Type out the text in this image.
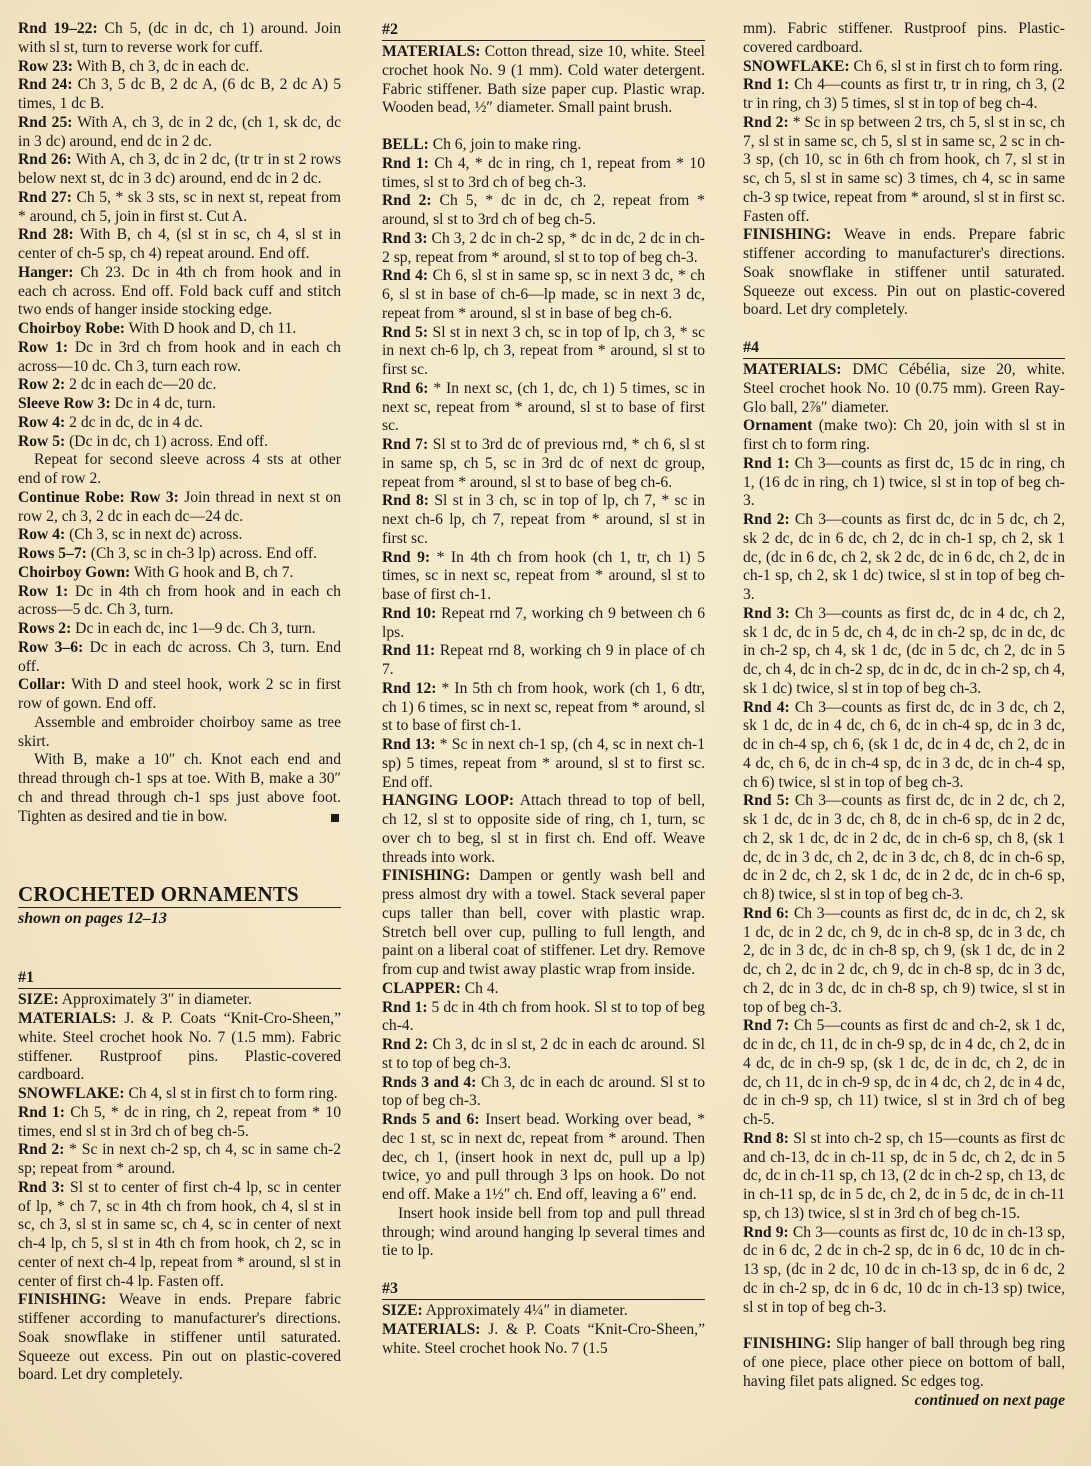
Rnd 19–22: Ch 5, (dc in dc, ch 1) around. Join with sl st, turn to reverse work for cuff.

Row 23: With B, ch 3, dc in each dc.

Rnd 24: Ch 3, 5 dc B, 2 dc A, (6 dc B, 2 dc A) 5 times, 1 dc B.

Rnd 25: With A, ch 3, dc in 2 dc, (ch 1, sk dc, dc in 3 dc) around, end dc in 2 dc.

Rnd 26: With A, ch 3, dc in 2 dc, (tr tr in st 2 rows below next st, dc in 3 dc) around, end dc in 2 dc.

Rnd 27: Ch 5, * sk 3 sts, sc in next st, repeat from * around, ch 5, join in first st. Cut A.

Rnd 28: With B, ch 4, (sl st in sc, ch 4, sl st in center of ch-5 sp, ch 4) repeat around. End off.

Hanger: Ch 23. Dc in 4th ch from hook and in each ch across. End off. Fold back cuff and stitch two ends of hanger inside stocking edge.

Choirboy Robe: With D hook and D, ch 11.

Row 1: Dc in 3rd ch from hook and in each ch across—10 dc. Ch 3, turn each row.

Row 2: 2 dc in each dc—20 dc.

Sleeve Row 3: Dc in 4 dc, turn.

Row 4: 2 dc in dc, dc in 4 dc.

Row 5: (Dc in dc, ch 1) across. End off.

Repeat for second sleeve across 4 sts at other end of row 2.

Continue Robe: Row 3: Join thread in next st on row 2, ch 3, 2 dc in each dc—24 dc.

Row 4: (Ch 3, sc in next dc) across.

Rows 5–7: (Ch 3, sc in ch-3 lp) across. End off.

Choirboy Gown: With G hook and B, ch 7.

Row 1: Dc in 4th ch from hook and in each ch across—5 dc. Ch 3, turn.

Rows 2: Dc in each dc, inc 1—9 dc. Ch 3, turn.

Row 3–6: Dc in each dc across. Ch 3, turn. End off.

Collar: With D and steel hook, work 2 sc in first row of gown. End off.

Assemble and embroider choirboy same as tree skirt.

With B, make a 10″ ch. Knot each end and thread through ch-1 sps at toe. With B, make a 30″ ch and thread through ch-1 sps just above foot. Tighten as desired and tie in bow.

CROCHETED ORNAMENTS

shown on pages 12–13

#1

SIZE: Approximately 3″ in diameter.

MATERIALS: J. & P. Coats “Knit-Cro-Sheen,” white. Steel crochet hook No. 7 (1.5 mm). Fabric stiffener. Rustproof pins. Plastic-covered cardboard.

SNOWFLAKE: Ch 4, sl st in first ch to form ring.

Rnd 1: Ch 5, * dc in ring, ch 2, repeat from * 10 times, end sl st in 3rd ch of beg ch-5.

Rnd 2: * Sc in next ch-2 sp, ch 4, sc in same ch-2 sp; repeat from * around.

Rnd 3: Sl st to center of first ch-4 lp, sc in center of lp, * ch 7, sc in 4th ch from hook, ch 4, sl st in sc, ch 3, sl st in same sc, ch 4, sc in center of next ch-4 lp, ch 5, sl st in 4th ch from hook, ch 2, sc in center of next ch-4 lp, repeat from * around, sl st in center of first ch-4 lp. Fasten off.

FINISHING: Weave in ends. Prepare fabric stiffener according to manufacturer's directions. Soak snowflake in stiffener until saturated. Squeeze out excess. Pin out on plastic-covered board. Let dry completely.

#2

MATERIALS: Cotton thread, size 10, white. Steel crochet hook No. 9 (1 mm). Cold water detergent. Fabric stiffener. Bath size paper cup. Plastic wrap. Wooden bead, ½″ diameter. Small paint brush.

BELL: Ch 6, join to make ring.

Rnd 1: Ch 4, * dc in ring, ch 1, repeat from * 10 times, sl st to 3rd ch of beg ch-3.

Rnd 2: Ch 5, * dc in dc, ch 2, repeat from * around, sl st to 3rd ch of beg ch-5.

Rnd 3: Ch 3, 2 dc in ch-2 sp, * dc in dc, 2 dc in ch-2 sp, repeat from * around, sl st to top of beg ch-3.

Rnd 4: Ch 6, sl st in same sp, sc in next 3 dc, * ch 6, sl st in base of ch-6—lp made, sc in next 3 dc, repeat from * around, sl st in base of beg ch-6.

Rnd 5: Sl st in next 3 ch, sc in top of lp, ch 3, * sc in next ch-6 lp, ch 3, repeat from * around, sl st to first sc.

Rnd 6: * In next sc, (ch 1, dc, ch 1) 5 times, sc in next sc, repeat from * around, sl st to base of first sc.

Rnd 7: Sl st to 3rd dc of previous rnd, * ch 6, sl st in same sp, ch 5, sc in 3rd dc of next dc group, repeat from * around, sl st to base of beg ch-6.

Rnd 8: Sl st in 3 ch, sc in top of lp, ch 7, * sc in next ch-6 lp, ch 7, repeat from * around, sl st in first sc.

Rnd 9: * In 4th ch from hook (ch 1, tr, ch 1) 5 times, sc in next sc, repeat from * around, sl st to base of first ch-1.

Rnd 10: Repeat rnd 7, working ch 9 between ch 6 lps.

Rnd 11: Repeat rnd 8, working ch 9 in place of ch 7.

Rnd 12: * In 5th ch from hook, work (ch 1, 6 dtr, ch 1) 6 times, sc in next sc, repeat from * around, sl st to base of first ch-1.

Rnd 13: * Sc in next ch-1 sp, (ch 4, sc in next ch-1 sp) 5 times, repeat from * around, sl st to first sc. End off.

HANGING LOOP: Attach thread to top of bell, ch 12, sl st to opposite side of ring, ch 1, turn, sc over ch to beg, sl st in first ch. End off. Weave threads into work.

FINISHING: Dampen or gently wash bell and press almost dry with a towel. Stack several paper cups taller than bell, cover with plastic wrap. Stretch bell over cup, pulling to full length, and paint on a liberal coat of stiffener. Let dry. Remove from cup and twist away plastic wrap from inside.

CLAPPER: Ch 4.

Rnd 1: 5 dc in 4th ch from hook. Sl st to top of beg ch-4.

Rnd 2: Ch 3, dc in sl st, 2 dc in each dc around. Sl st to top of beg ch-3.

Rnds 3 and 4: Ch 3, dc in each dc around. Sl st to top of beg ch-3.

Rnds 5 and 6: Insert bead. Working over bead, * dec 1 st, sc in next dc, repeat from * around. Then dec, ch 1, (insert hook in next dc, pull up a lp) twice, yo and pull through 3 lps on hook. Do not end off. Make a 1½″ ch. End off, leaving a 6″ end.

Insert hook inside bell from top and pull thread through; wind around hanging lp several times and tie to lp.

#3

SIZE: Approximately 4¼″ in diameter.

MATERIALS: J. & P. Coats “Knit-Cro-Sheen,” white. Steel crochet hook No. 7 (1.5

mm). Fabric stiffener. Rustproof pins. Plastic-covered cardboard.

SNOWFLAKE: Ch 6, sl st in first ch to form ring.

Rnd 1: Ch 4—counts as first tr, tr in ring, ch 3, (2 tr in ring, ch 3) 5 times, sl st in top of beg ch-4.

Rnd 2: * Sc in sp between 2 trs, ch 5, sl st in sc, ch 7, sl st in same sc, ch 5, sl st in same sc, 2 sc in ch-3 sp, (ch 10, sc in 6th ch from hook, ch 7, sl st in sc, ch 5, sl st in same sc) 3 times, ch 4, sc in same ch-3 sp twice, repeat from * around, sl st in first sc. Fasten off.

FINISHING: Weave in ends. Prepare fabric stiffener according to manufacturer's directions. Soak snowflake in stiffener until saturated. Squeeze out excess. Pin out on plastic-covered board. Let dry completely.

#4

MATERIALS: DMC Cébélia, size 20, white. Steel crochet hook No. 10 (0.75 mm). Green Ray-Glo ball, 2⅞″ diameter.

Ornament (make two): Ch 20, join with sl st in first ch to form ring.

Rnd 1: Ch 3—counts as first dc, 15 dc in ring, ch 1, (16 dc in ring, ch 1) twice, sl st in top of beg ch-3.

Rnd 2: Ch 3—counts as first dc, dc in 5 dc, ch 2, sk 2 dc, dc in 6 dc, ch 2, dc in ch-1 sp, ch 2, sk 1 dc, (dc in 6 dc, ch 2, sk 2 dc, dc in 6 dc, ch 2, dc in ch-1 sp, ch 2, sk 1 dc) twice, sl st in top of beg ch-3.

Rnd 3: Ch 3—counts as first dc, dc in 4 dc, ch 2, sk 1 dc, dc in 5 dc, ch 4, dc in ch-2 sp, dc in dc, dc in ch-2 sp, ch 4, sk 1 dc, (dc in 5 dc, ch 2, dc in 5 dc, ch 4, dc in ch-2 sp, dc in dc, dc in ch-2 sp, ch 4, sk 1 dc) twice, sl st in top of beg ch-3.

Rnd 4: Ch 3—counts as first dc, dc in 3 dc, ch 2, sk 1 dc, dc in 4 dc, ch 6, dc in ch-4 sp, dc in 3 dc, dc in ch-4 sp, ch 6, (sk 1 dc, dc in 4 dc, ch 2, dc in 4 dc, ch 6, dc in ch-4 sp, dc in 3 dc, dc in ch-4 sp, ch 6) twice, sl st in top of beg ch-3.

Rnd 5: Ch 3—counts as first dc, dc in 2 dc, ch 2, sk 1 dc, dc in 3 dc, ch 8, dc in ch-6 sp, dc in 2 dc, ch 2, sk 1 dc, dc in 2 dc, dc in ch-6 sp, ch 8, (sk 1 dc, dc in 3 dc, ch 2, dc in 3 dc, ch 8, dc in ch-6 sp, dc in 2 dc, ch 2, sk 1 dc, dc in 2 dc, dc in ch-6 sp, ch 8) twice, sl st in top of beg ch-3.

Rnd 6: Ch 3—counts as first dc, dc in dc, ch 2, sk 1 dc, dc in 2 dc, ch 9, dc in ch-8 sp, dc in 3 dc, ch 2, dc in 3 dc, dc in ch-8 sp, ch 9, (sk 1 dc, dc in 2 dc, ch 2, dc in 2 dc, ch 9, dc in ch-8 sp, dc in 3 dc, ch 2, dc in 3 dc, dc in ch-8 sp, ch 9) twice, sl st in top of beg ch-3.

Rnd 7: Ch 5—counts as first dc and ch-2, sk 1 dc, dc in dc, ch 11, dc in ch-9 sp, dc in 4 dc, ch 2, dc in 4 dc, dc in ch-9 sp, (sk 1 dc, dc in dc, ch 2, dc in dc, ch 11, dc in ch-9 sp, dc in 4 dc, ch 2, dc in 4 dc, dc in ch-9 sp, ch 11) twice, sl st in 3rd ch of beg ch-5.

Rnd 8: Sl st into ch-2 sp, ch 15—counts as first dc and ch-13, dc in ch-11 sp, dc in 5 dc, ch 2, dc in 5 dc, dc in ch-11 sp, ch 13, (2 dc in ch-2 sp, ch 13, dc in ch-11 sp, dc in 5 dc, ch 2, dc in 5 dc, dc in ch-11 sp, ch 13) twice, sl st in 3rd ch of beg ch-15.

Rnd 9: Ch 3—counts as first dc, 10 dc in ch-13 sp, dc in 6 dc, 2 dc in ch-2 sp, dc in 6 dc, 10 dc in ch-13 sp, (dc in 2 dc, 10 dc in ch-13 sp, dc in 6 dc, 2 dc in ch-2 sp, dc in 6 dc, 10 dc in ch-13 sp) twice, sl st in top of beg ch-3.

FINISHING: Slip hanger of ball through beg ring of one piece, place other piece on bottom of ball, having filet pats aligned. Sc edges tog.

continued on next page
